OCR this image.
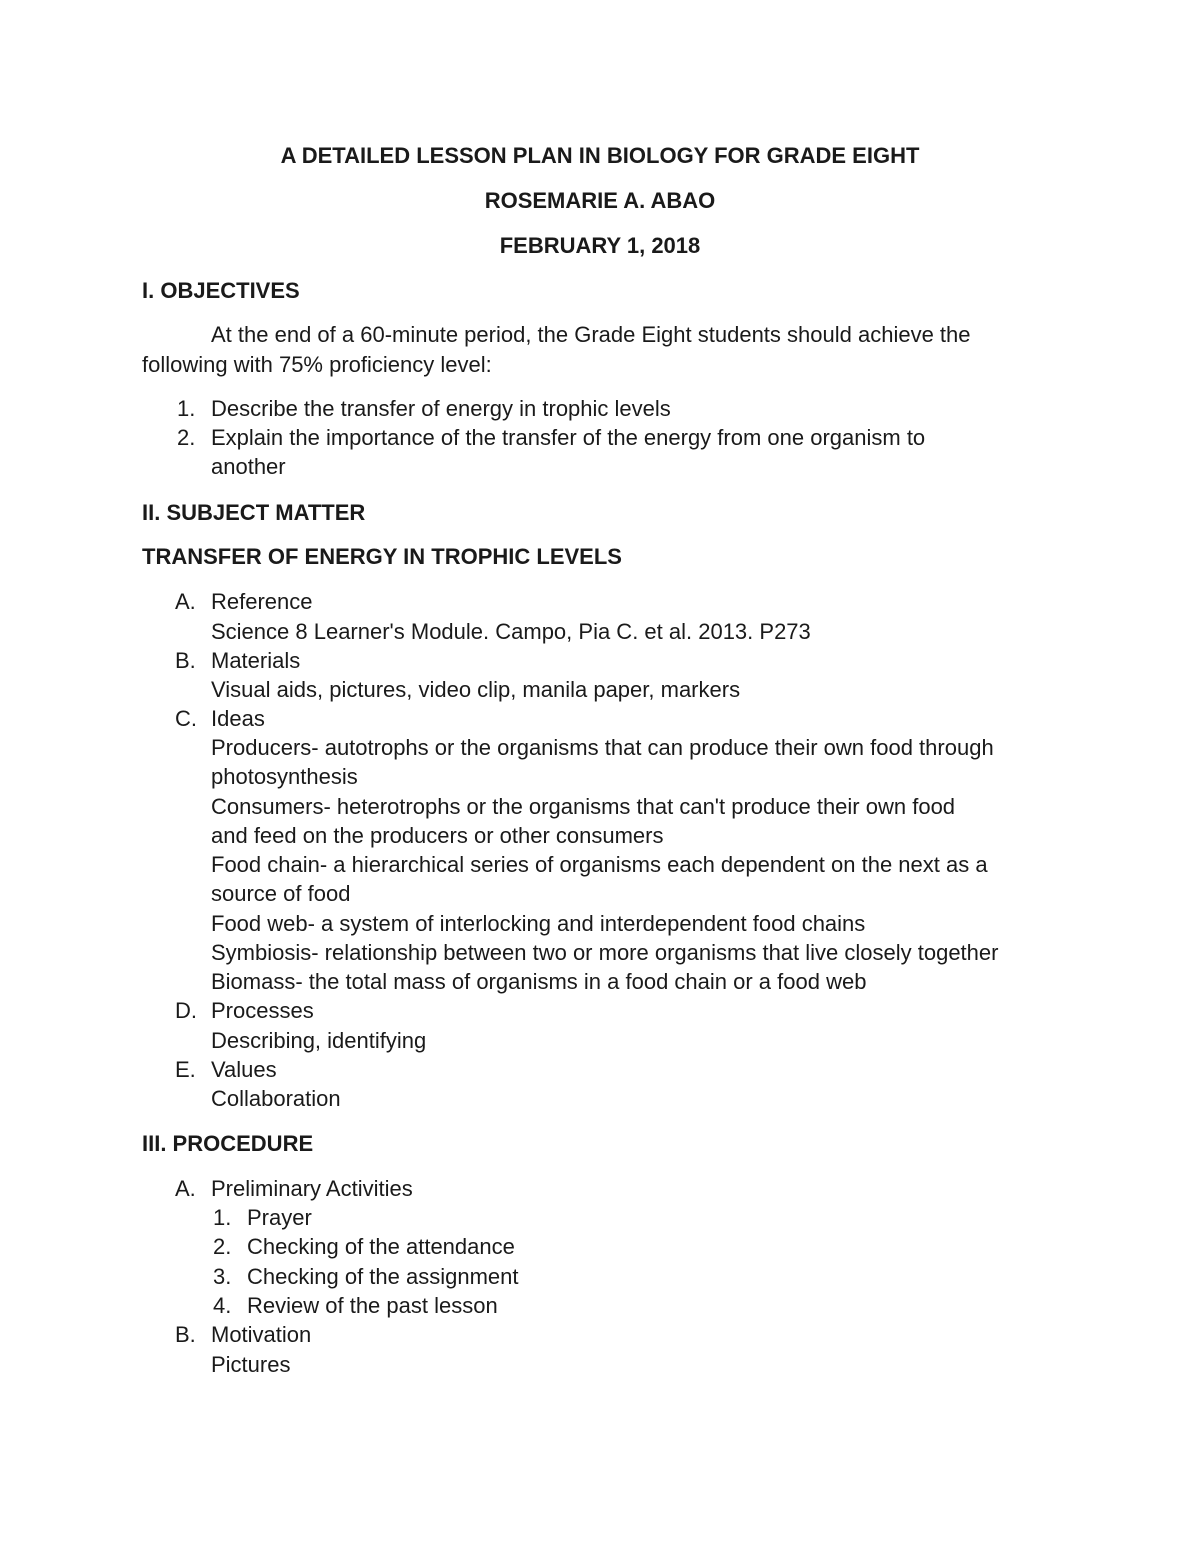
A DETAILED LESSON PLAN IN BIOLOGY FOR GRADE EIGHT
ROSEMARIE A. ABAO
FEBRUARY 1, 2018
I. OBJECTIVES
At the end of a 60-minute period, the Grade Eight students should achieve the
following with 75% proficiency level:
1. Describe the transfer of energy in trophic levels
2. Explain the importance of the transfer of the energy from one organism to
another
II. SUBJECT MATTER
TRANSFER OF ENERGY IN TROPHIC LEVELS
A. Reference
Science 8 Learner's Module. Campo, Pia C. et al. 2013. P273
B. Materials
Visual aids, pictures, video clip, manila paper, markers
C. Ideas
Producers- autotrophs or the organisms that can produce their own food through
photosynthesis
Consumers- heterotrophs or the organisms that can't produce their own food
and feed on the producers or other consumers
Food chain- a hierarchical series of organisms each dependent on the next as a
source of food
Food web- a system of interlocking and interdependent food chains
Symbiosis- relationship between two or more organisms that live closely together
Biomass- the total mass of organisms in a food chain or a food web
D. Processes
Describing, identifying
E. Values
Collaboration
III. PROCEDURE
A. Preliminary Activities
1. Prayer
2. Checking of the attendance
3. Checking of the assignment
4. Review of the past lesson
B. Motivation
Pictures
